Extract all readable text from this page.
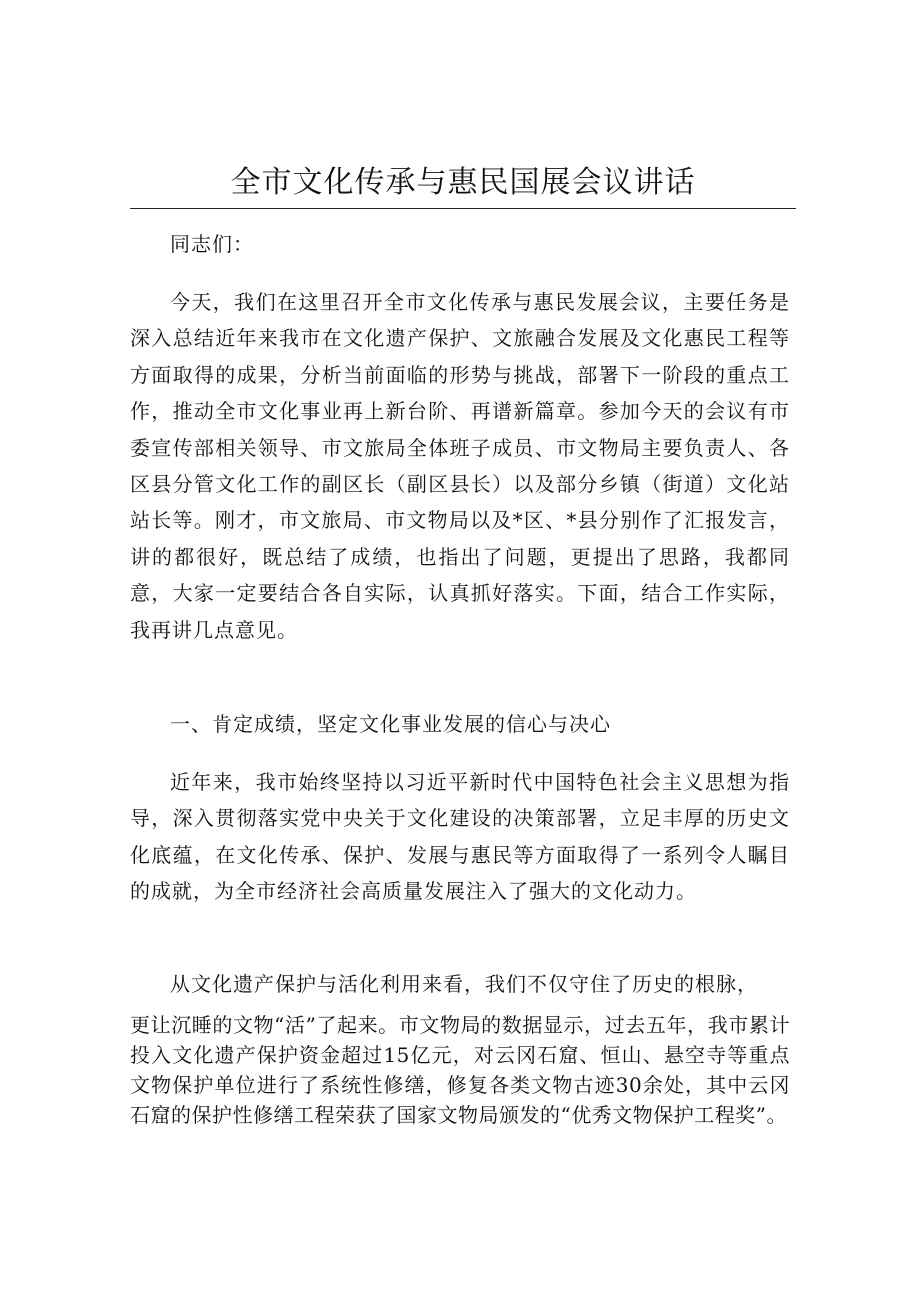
全市文化传承与惠民国展会议讲话

同志们：

今天，我们在这里召开全市文化传承与惠民发展会议，主要任务是深入总结近年来我市在文化遗产保护、文旅融合发展及文化惠民工程等方面取得的成果，分析当前面临的形势与挑战，部署下一阶段的重点工作，推动全市文化事业再上新台阶、再谱新篇章。参加今天的会议有市委宣传部相关领导、市文旅局全体班子成员、市文物局主要负责人、各区县分管文化工作的副区长（副区县长）以及部分乡镇（街道）文化站站长等。刚才，市文旅局、市文物局以及*区、*县分别作了汇报发言，讲的都很好，既总结了成绩，也指出了问题，更提出了思路，我都同意，大家一定要结合各自实际，认真抓好落实。下面，结合工作实际，我再讲几点意见。

一、肯定成绩，坚定文化事业发展的信心与决心

近年来，我市始终坚持以习近平新时代中国特色社会主义思想为指导，深入贯彻落实党中央关于文化建设的决策部署，立足丰厚的历史文化底蕴，在文化传承、保护、发展与惠民等方面取得了一系列令人瞩目的成就，为全市经济社会高质量发展注入了强大的文化动力。

从文化遗产保护与活化利用来看，我们不仅守住了历史的根脉，

更让沉睡的文物“活”了起来。市文物局的数据显示，过去五年，我市累计投入文化遗产保护资金超过15亿元，对云冈石窟、恒山、悬空寺等重点文物保护单位进行了系统性修缮，修复各类文物古迹30余处，其中云冈石窟的保护性修缮工程荣获了国家文物局颁发的“优秀文物保护工程奖”。
